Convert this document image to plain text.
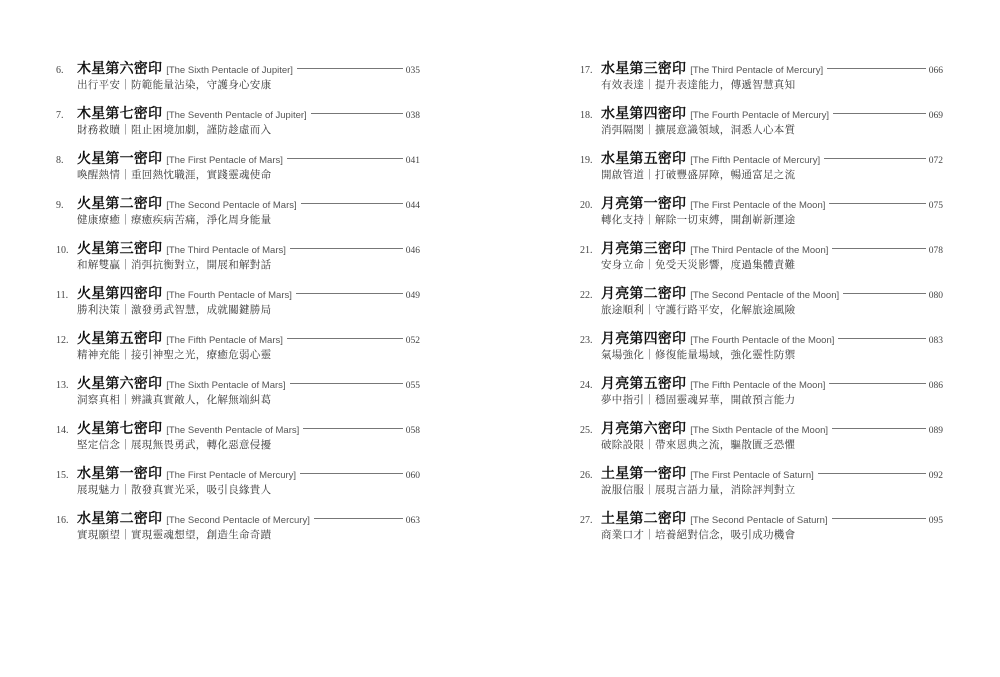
6. 木星第六密印 [The Sixth Pentacle of Jupiter]	035
出行平安｜防範能量沾染，守護身心安康
7. 木星第七密印 [The Seventh Pentacle of Jupiter]	038
財務救贖｜阻止困境加劇，謹防趁虛而入
8. 火星第一密印 [The First Pentacle of Mars]	041
喚醒熱情｜重回熱忱職涯，實踐靈魂使命
9. 火星第二密印 [The Second Pentacle of Mars]	044
健康療癒｜療癒疾病苦痛，淨化周身能量
10. 火星第三密印 [The Third Pentacle of Mars]	046
和解雙贏｜消弭抗衡對立，開展和解對話
11. 火星第四密印 [The Fourth Pentacle of Mars]	049
勝利決策｜激發勇武智慧，成就關鍵勝局
12. 火星第五密印 [The Fifth Pentacle of Mars]	052
精神充能｜接引神聖之光，療癒危弱心靈
13. 火星第六密印 [The Sixth Pentacle of Mars]	055
洞察真相｜辨識真實敵人，化解無端糾葛
14. 火星第七密印 [The Seventh Pentacle of Mars]	058
堅定信念｜展現無畏勇武，轉化惡意侵擾
15. 水星第一密印 [The First Pentacle of Mercury]	060
展現魅力｜散發真實光采，吸引良緣貴人
16. 水星第二密印 [The Second Pentacle of Mercury]	063
實現願望｜實現靈魂想望，創造生命奇蹟
17. 水星第三密印 [The Third Pentacle of Mercury]	066
有效表達｜提升表達能力，傳遞智慧真知
18. 水星第四密印 [The Fourth Pentacle of Mercury]	069
消弭隔閡｜擴展意識領域，洞悉人心本質
19. 水星第五密印 [The Fifth Pentacle of Mercury]	072
開啟管道｜打破豐盛屏障，暢通富足之流
20. 月亮第一密印 [The First Pentacle of the Moon]	075
轉化支持｜解除一切束縛，開創嶄新運途
21. 月亮第三密印 [The Third Pentacle of the Moon]	078
安身立命｜免受天災影響，度過集體責難
22. 月亮第二密印 [The Second Pentacle of the Moon]	080
旅途順利｜守護行路平安，化解旅途風險
23. 月亮第四密印 [The Fourth Pentacle of the Moon]	083
氣場強化｜修復能量場域，強化靈性防禦
24. 月亮第五密印 [The Fifth Pentacle of the Moon]	086
夢中指引｜穩固靈魂昇華，開啟預言能力
25. 月亮第六密印 [The Sixth Pentacle of the Moon]	089
破除設限｜帶來恩典之流，驅散匱乏恐懼
26. 土星第一密印 [The First Pentacle of Saturn]	092
說服信服｜展現言語力量，消除評判對立
27. 土星第二密印 [The Second Pentacle of Saturn]	095
商業口才｜培養絕對信念，吸引成功機會
